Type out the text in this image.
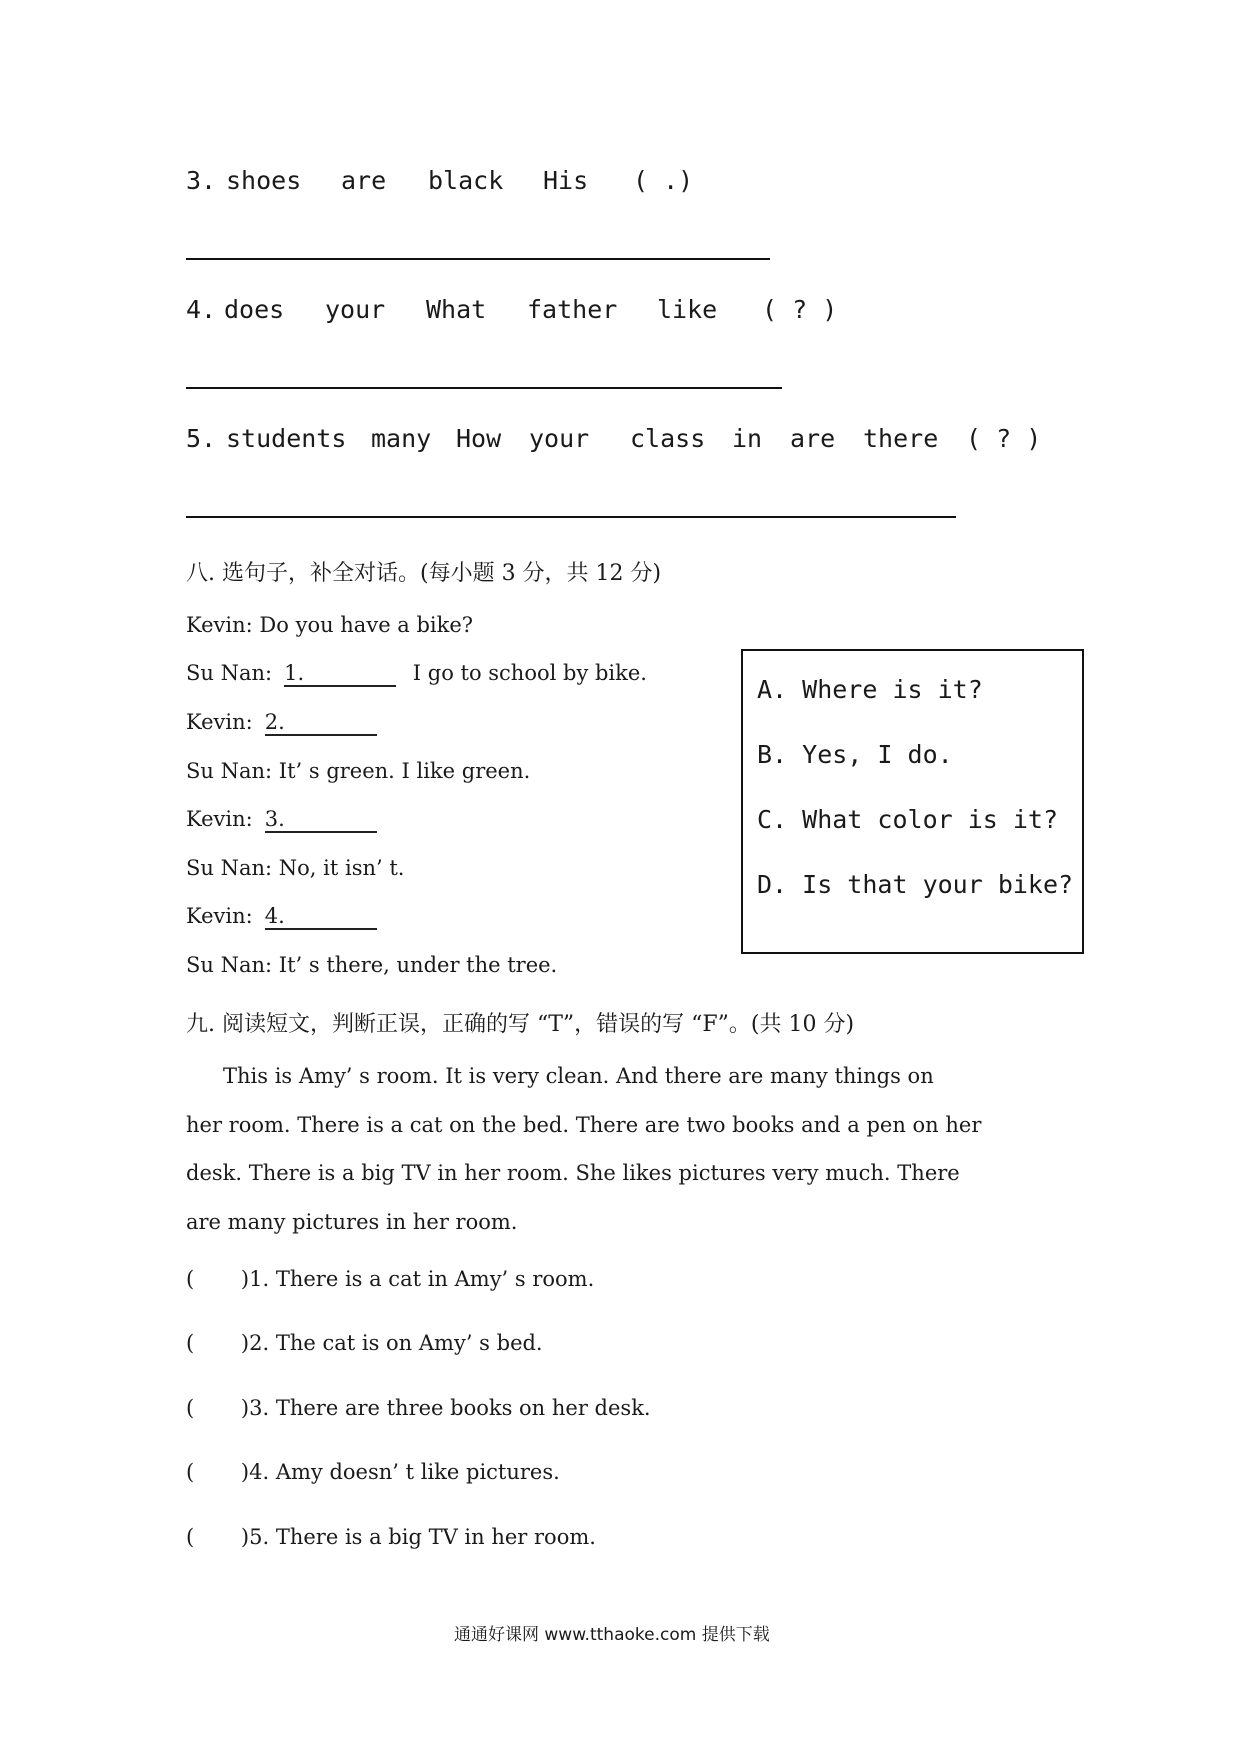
3. shoes are black His ( .)
4. does your What father like ( ? )
5. students many How your class in are there ( ? )
八. 选句子，补全对话。(每小题 3 分，共 12 分)
Kevin: Do you have a bike?
Su Nan: 1.	I go to school by bike.
Kevin: 2.
Su Nan: It’ s green. I like green.
Kevin: 3.
Su Nan: No, it isn’ t.
Kevin: 4.
Su Nan: It’ s there, under the tree.
A. Where is it?
B. Yes, I do.
C. What color is it?
D. Is that your bike?
九. 阅读短文，判断正误，正确的写 “T”，错误的写 “F”。(共 10 分)
This is Amy’ s room. It is very clean. And there are many things on
her room. There is a cat on the bed. There are two books and a pen on her
desk. There is a big TV in her room. She likes pictures very much. There
are many pictures in her room.
(       )1. There is a cat in Amy’ s room.
(       )2. The cat is on Amy’ s bed.
(       )3. There are three books on her desk.
(       )4. Amy doesn’ t like pictures.
(       )5. There is a big TV in her room.
通通好课网 www.tthaoke.com 提供下载
